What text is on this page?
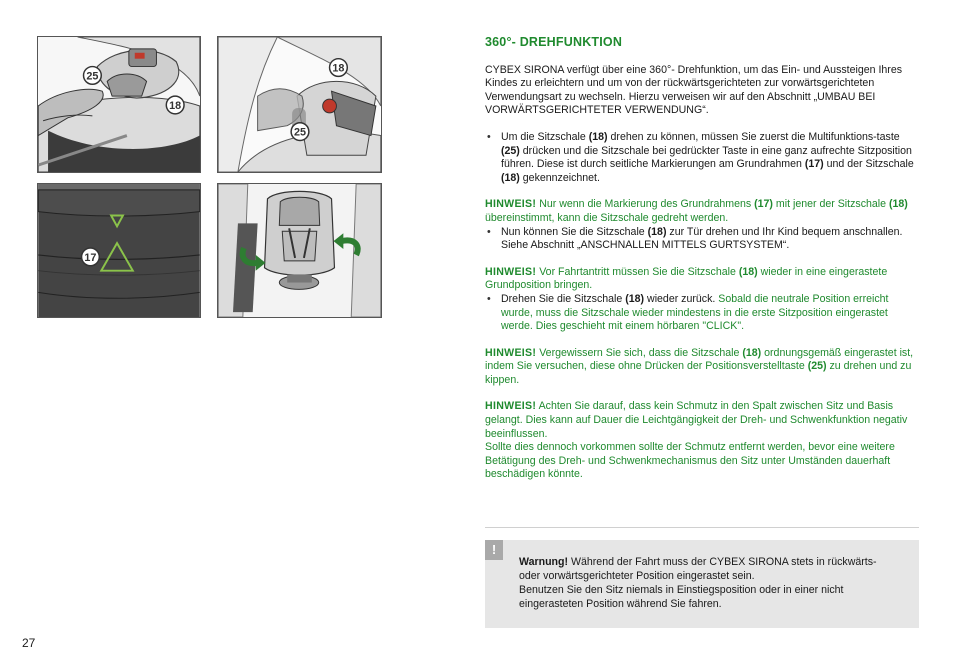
25
18
18
25
17
360°- DREHFUNKTION

CYBEX SIRONA verfügt über eine 360°- Drehfunktion, um das Ein- und Aussteigen Ihres Kindes zu erleichtern und um von der rückwärtsgerichteten zur vorwärtsgerichteten Verwendungsart zu wechseln. Hierzu verweisen wir auf den Abschnitt „UMBAU BEI VORWÄRTSGERICHTETER VERWENDUNG“.

• Um die Sitzschale (18) drehen zu können, müssen Sie zuerst die Multifunktions-taste (25) drücken und die Sitzschale bei gedrückter Taste in eine ganz aufrechte Sitzposition führen. Diese ist durch seitliche Markierungen am Grundrahmen (17) und der Sitzschale (18) gekennzeichnet.

HINWEIS! Nur wenn die Markierung des Grundrahmens (17) mit jener der Sitzschale (18) übereinstimmt, kann die Sitzschale gedreht werden.

• Nun können Sie die Sitzschale (18) zur Tür drehen und Ihr Kind bequem anschnallen. Siehe Abschnitt „ANSCHNALLEN MITTELS GURTSYSTEM“.

HINWEIS! Vor Fahrtantritt müssen Sie die Sitzschale (18) wieder in eine eingerastete Grundposition bringen.

• Drehen Sie die Sitzschale (18) wieder zurück. Sobald die neutrale Position erreicht wurde, muss die Sitzschale wieder mindestens in die erste Sitzposition eingerastet werde. Dies geschieht mit einem hörbaren "CLICK".

HINWEIS! Vergewissern Sie sich, dass die Sitzschale (18) ordnungsgemäß eingerastet ist, indem Sie versuchen, diese ohne Drücken der Positionsverstelltaste (25) zu drehen und zu kippen.

HINWEIS! Achten Sie darauf, dass kein Schmutz in den Spalt zwischen Sitz und Basis gelangt. Dies kann auf Dauer die Leichtgängigkeit der Dreh- und Schwenkfunktion negativ beeinflussen.

Sollte dies dennoch vorkommen sollte der Schmutz entfernt werden, bevor eine weitere Betätigung des Dreh- und Schwenkmechanismus den Sitz unter Umständen dauerhaft beschädigen könnte.

!

Warnung! Während der Fahrt muss der CYBEX SIRONA stets in rückwärts- oder vorwärtsgerichteter Position eingerastet sein.

Benutzen Sie den Sitz niemals in Einstiegsposition oder in einer nicht eingerasteten Position während Sie fahren.

27
